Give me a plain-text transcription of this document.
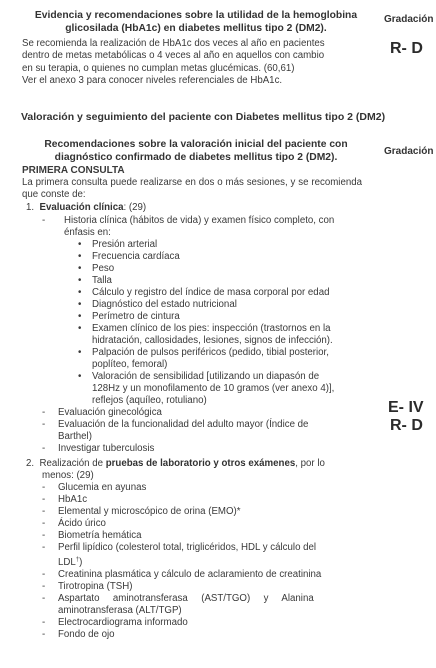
Evidencia y recomendaciones sobre la utilidad de la hemoglobina glicosilada (HbA1c) en diabetes mellitus tipo 2 (DM2).
Gradación
Se recomienda la realización de HbA1c dos veces al año en pacientes
dentro de metas metabólicas o 4 veces al año en aquellos con cambio
en su terapia, o quienes no cumplan metas glucémicas. (60,61)
Ver el anexo 3 para conocer niveles referenciales de HbA1c.
R- D
Valoración y seguimiento del paciente con Diabetes mellitus tipo 2 (DM2)
Recomendaciones sobre la valoración inicial del paciente con diagnóstico confirmado de diabetes mellitus tipo 2 (DM2).
Gradación
PRIMERA CONSULTA
La primera consulta puede realizarse en dos o más sesiones, y se recomienda que conste de:
1. Evaluación clínica: (29)
- Historia clínica (hábitos de vida) y examen físico completo, con
énfasis en:
• Presión arterial
• Frecuencia cardíaca
• Peso
• Talla
• Cálculo y registro del índice de masa corporal por edad
• Diagnóstico del estado nutricional
• Perímetro de cintura
• Examen clínico de los pies: inspección (trastornos en la
hidratación, callosidades, lesiones, signos de infección).
• Palpación de pulsos periféricos (pedido, tibial posterior,
poplíteo, femoral)
• Valoración de sensibilidad [utilizando un diapasón de
128Hz y un monofilamento de 10 gramos (ver anexo 4)],
reflejos (aquíleo, rotuliano)
- Evaluación ginecológica
- Evaluación de la funcionalidad del adulto mayor (Índice de
Barthel)
- Investigar tuberculosis
E- IV
R- D
2. Realización de pruebas de laboratorio y otros exámenes, por lo
menos: (29)
- Glucemia en ayunas
- HbA1c
- Elemental y microscópico de orina (EMO)*
- Ácido úrico
- Biometría hemática
- Perfil lipídico (colesterol total, triglicéridos, HDL y cálculo del
LDL†)
- Creatinina plasmática y cálculo de aclaramiento de creatinina
- Tirotropina (TSH)
- Aspartato     aminotransferasa     (AST/TGO)     y     Alanina
aminotransferasa (ALT/TGP)
- Electrocardiograma informado
- Fondo de ojo
